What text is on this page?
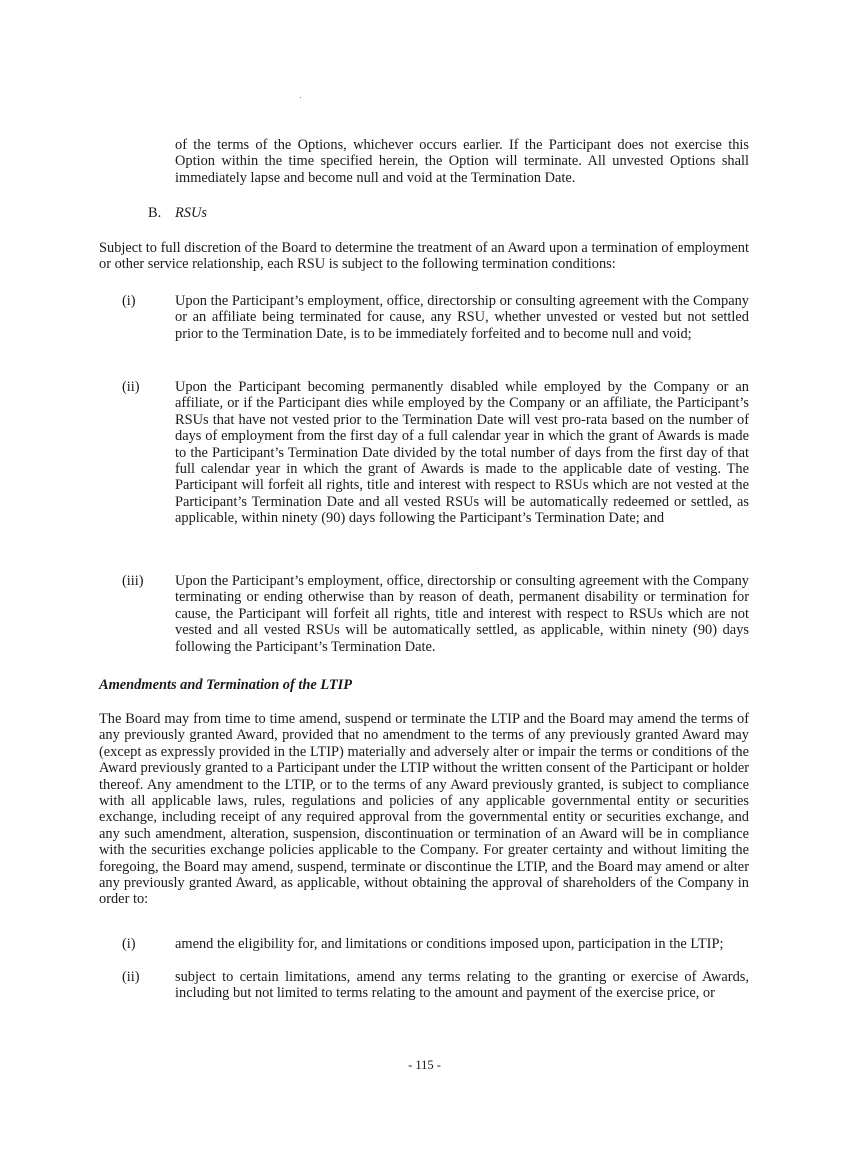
of the terms of the Options, whichever occurs earlier. If the Participant does not exercise this Option within the time specified herein, the Option will terminate. All unvested Options shall immediately lapse and become null and void at the Termination Date.

B. RSUs

Subject to full discretion of the Board to determine the treatment of an Award upon a termination of employment or other service relationship, each RSU is subject to the following termination conditions:

(i)	Upon the Participant’s employment, office, directorship or consulting agreement with the Company or an affiliate being terminated for cause, any RSU, whether unvested or vested but not settled prior to the Termination Date, is to be immediately forfeited and to become null and void;

(ii) Upon the Participant becoming permanently disabled while employed by the Company or an affiliate, or if the Participant dies while employed by the Company or an affiliate, the Participant’s RSUs that have not vested prior to the Termination Date will vest pro-rata based on the number of days of employment from the first day of a full calendar year in which the grant of Awards is made to the Participant’s Termination Date divided by the total number of days from the first day of that full calendar year in which the grant of Awards is made to the applicable date of vesting. The Participant will forfeit all rights, title and interest with respect to RSUs which are not vested at the Participant’s Termination Date and all vested RSUs will be automatically redeemed or settled, as applicable, within ninety (90) days following the Participant’s Termination Date; and

(iii) Upon the Participant’s employment, office, directorship or consulting agreement with the Company terminating or ending otherwise than by reason of death, permanent disability or termination for cause, the Participant will forfeit all rights, title and interest with respect to RSUs which are not vested and all vested RSUs will be automatically settled, as applicable, within ninety (90) days following the Participant’s Termination Date.

Amendments and Termination of the LTIP

The Board may from time to time amend, suspend or terminate the LTIP and the Board may amend the terms of any previously granted Award, provided that no amendment to the terms of any previously granted Award may (except as expressly provided in the LTIP) materially and adversely alter or impair the terms or conditions of the Award previously granted to a Participant under the LTIP without the written consent of the Participant or holder thereof. Any amendment to the LTIP, or to the terms of any Award previously granted, is subject to compliance with all applicable laws, rules, regulations and policies of any applicable governmental entity or securities exchange, including receipt of any required approval from the governmental entity or securities exchange, and any such amendment, alteration, suspension, discontinuation or termination of an Award will be in compliance with the securities exchange policies applicable to the Company. For greater certainty and without limiting the foregoing, the Board may amend, suspend, terminate or discontinue the LTIP, and the Board may amend or alter any previously granted Award, as applicable, without obtaining the approval of shareholders of the Company in order to:

(i)	amend the eligibility for, and limitations or conditions imposed upon, participation in the LTIP;

(ii) subject to certain limitations, amend any terms relating to the granting or exercise of Awards, including but not limited to terms relating to the amount and payment of the exercise price, or

- 115 -
